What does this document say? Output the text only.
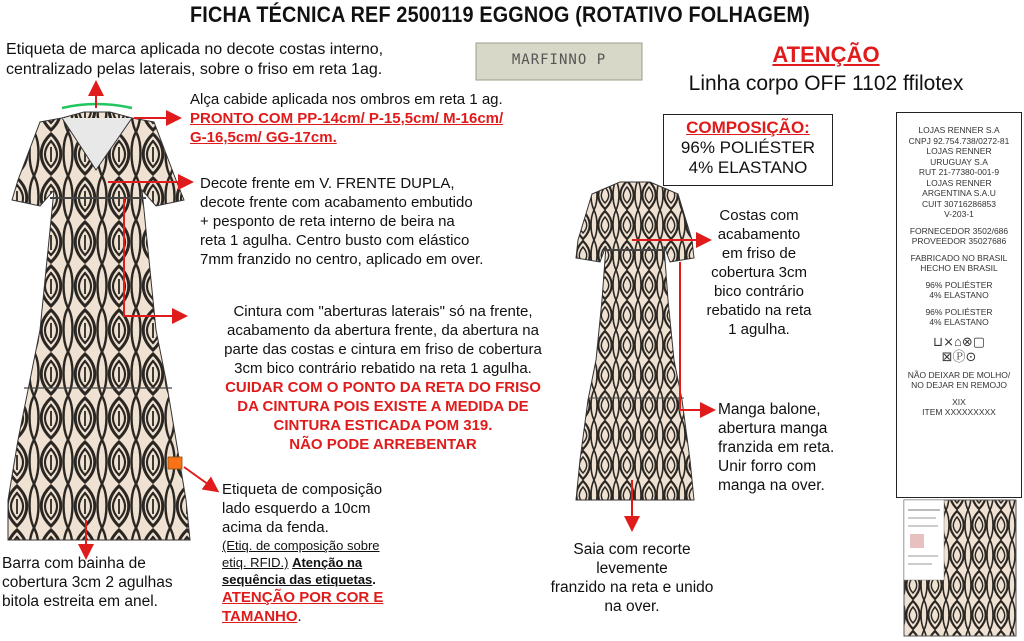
FICHA TÉCNICA REF 2500119 EGGNOG (ROTATIVO FOLHAGEM)
MARFINNO P
Etiqueta de marca aplicada no decote costas interno,
centralizado pelas laterais, sobre o friso em reta 1ag.
ATENÇÃO
Linha corpo OFF 1102 ffilotex
COMPOSIÇÃO:
96% POLIÉSTER
4% ELASTANO
Alça cabide aplicada nos ombros em reta 1 ag.
PRONTO COM PP-14cm/ P-15,5cm/ M-16cm/
G-16,5cm/ GG-17cm.
Decote frente em V. FRENTE DUPLA,
decote frente com acabamento embutido
+ pesponto de reta interno de beira na
reta 1 agulha. Centro busto com elástico
7mm franzido no centro, aplicado em over.
Cintura com "aberturas laterais" só na frente,
acabamento da abertura frente, da abertura na
parte das costas e cintura em friso de cobertura
3cm bico contrário rebatido na reta 1 agulha.
CUIDAR COM O PONTO DA RETA DO FRISO
DA CINTURA POIS EXISTE A MEDIDA DE
CINTURA ESTICADA POM 319.
NÃO PODE ARREBENTAR
Etiqueta de composição
lado esquerdo a 10cm
acima da fenda.
(Etiq. de composição sobre
etiq. RFID.) Atenção na
sequência das etiquetas.
ATENÇÃO POR COR E
TAMANHO.
Barra com bainha de
cobertura 3cm 2 agulhas
bitola estreita em anel.
Costas com
acabamento
em friso de
cobertura 3cm
bico contrário
rebatido na reta
1 agulha.
Manga balone,
abertura manga
franzida em reta.
Unir forro com
manga na over.
Saia com recorte
levemente
franzido na reta e unido
na over.
LOJAS RENNER S.A
CNPJ 92.754.738/0272-81
LOJAS RENNER
URUGUAY S.A
RUT 21-77380-001-9
LOJAS RENNER
ARGENTINA S.A.U
CUIT 30716286853
V-203-1

FORNECEDOR 3502/686
PROVEEDOR 35027686

FABRICADO NO BRASIL
HECHO EN BRASIL

96% POLIÉSTER
4% ELASTANO

96% POLIÉSTER
4% ELASTANO
⊔⨯⌂⊗▢
⊠Ⓟ⊙
NÃO DEIXAR DE MOLHO/
NO DEJAR EN REMOJO

XIX
ITEM XXXXXXXXX
